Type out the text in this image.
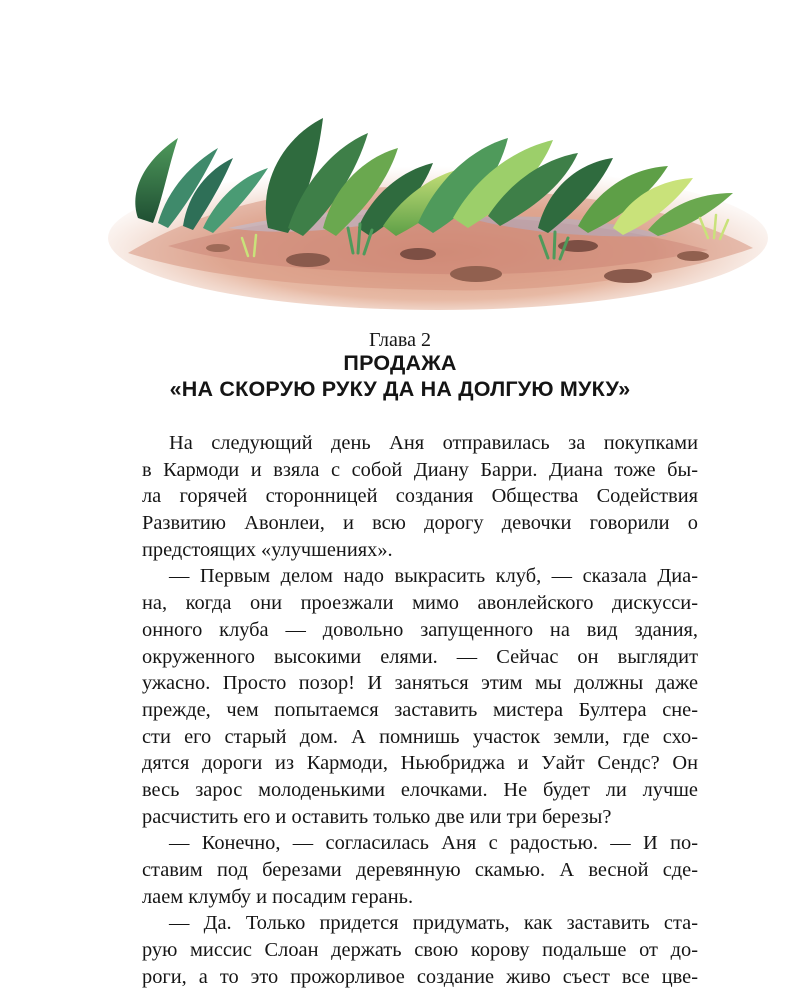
Глава 2
ПРОДАЖА
«НА СКОРУЮ РУКУ ДА НА ДОЛГУЮ МУКУ»

На следующий день Аня отправилась за покупками
в Кармоди и взяла с собой Диану Барри. Диана тоже бы-
ла горячей сторонницей создания Общества Содействия
Развитию Авонлеи, и всю дорогу девочки говорили о
предстоящих «улучшениях».

— Первым делом надо выкрасить клуб, — сказала Диа-
на, когда они проезжали мимо авонлейского дискусси-
онного клуба — довольно запущенного на вид здания,
окруженного высокими елями. — Сейчас он выглядит
ужасно. Просто позор! И заняться этим мы должны даже
прежде, чем попытаемся заставить мистера Бултера сне-
сти его старый дом. А помнишь участок земли, где схо-
дятся дороги из Кармоди, Ньюбриджа и Уайт Сендс? Он
весь зарос молоденькими елочками. Не будет ли лучше
расчистить его и оставить только две или три березы?

— Конечно, — согласилась Аня с радостью. — И по-
ставим под березами деревянную скамью. А весной сде-
лаем клумбу и посадим герань.

— Да. Только придется придумать, как заставить ста-
рую миссис Слоан держать свою корову подальше от до-
роги, а то это прожорливое создание живо съест все цве-
